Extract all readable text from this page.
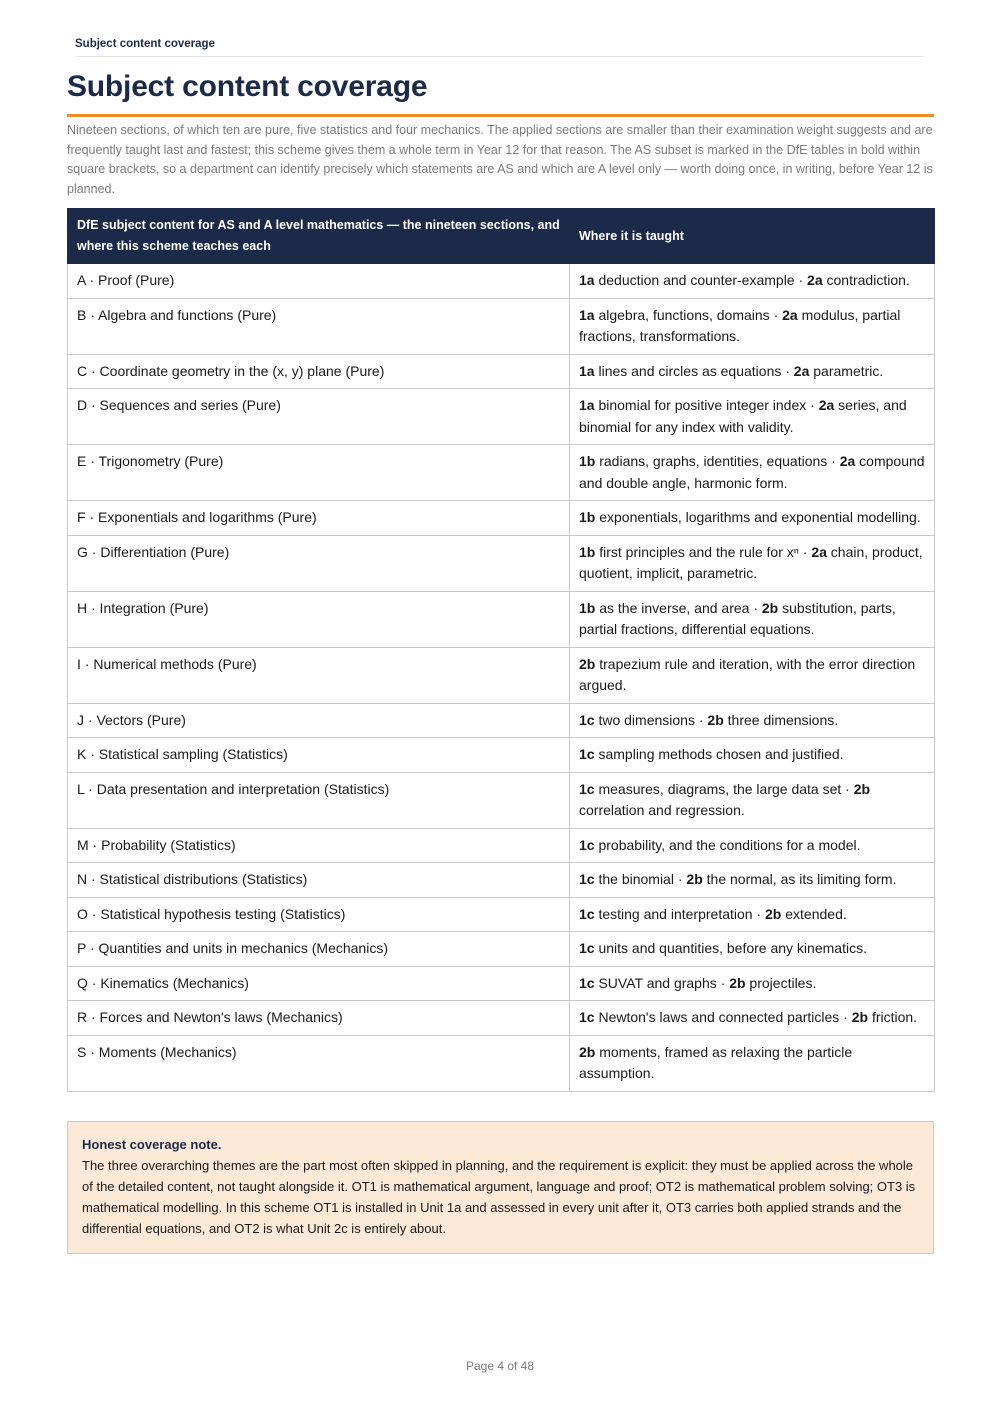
Subject content coverage
Subject content coverage

Nineteen sections, of which ten are pure, five statistics and four mechanics. The applied sections are smaller than their examination weight suggests and are frequently taught last and fastest; this scheme gives them a whole term in Year 12 for that reason. The AS subset is marked in the DfE tables in bold within square brackets, so a department can identify precisely which statements are AS and which are A level only — worth doing once, in writing, before Year 12 is planned.

DfE subject content for AS and A level mathematics — the nineteen sections, and where this scheme teaches each	Where it is taught
A · Proof (Pure)	1a deduction and counter-example · 2a contradiction.
B · Algebra and functions (Pure)	1a algebra, functions, domains · 2a modulus, partial fractions, transformations.
C · Coordinate geometry in the (x, y) plane (Pure)	1a lines and circles as equations · 2a parametric.
D · Sequences and series (Pure)	1a binomial for positive integer index · 2a series, and binomial for any index with validity.
E · Trigonometry (Pure)	1b radians, graphs, identities, equations · 2a compound and double angle, harmonic form.
F · Exponentials and logarithms (Pure)	1b exponentials, logarithms and exponential modelling.
G · Differentiation (Pure)	1b first principles and the rule for xⁿ · 2a chain, product, quotient, implicit, parametric.
H · Integration (Pure)	1b as the inverse, and area · 2b substitution, parts, partial fractions, differential equations.
I · Numerical methods (Pure)	2b trapezium rule and iteration, with the error direction argued.
J · Vectors (Pure)	1c two dimensions · 2b three dimensions.
K · Statistical sampling (Statistics)	1c sampling methods chosen and justified.
L · Data presentation and interpretation (Statistics)	1c measures, diagrams, the large data set · 2b correlation and regression.
M · Probability (Statistics)	1c probability, and the conditions for a model.
N · Statistical distributions (Statistics)	1c the binomial · 2b the normal, as its limiting form.
O · Statistical hypothesis testing (Statistics)	1c testing and interpretation · 2b extended.
P · Quantities and units in mechanics (Mechanics)	1c units and quantities, before any kinematics.
Q · Kinematics (Mechanics)	1c SUVAT and graphs · 2b projectiles.
R · Forces and Newton's laws (Mechanics)	1c Newton's laws and connected particles · 2b friction.
S · Moments (Mechanics)	2b moments, framed as relaxing the particle assumption.
Honest coverage note.
The three overarching themes are the part most often skipped in planning, and the requirement is explicit: they must be applied across the whole of the detailed content, not taught alongside it. OT1 is mathematical argument, language and proof; OT2 is mathematical problem solving; OT3 is mathematical modelling. In this scheme OT1 is installed in Unit 1a and assessed in every unit after it, OT3 carries both applied strands and the differential equations, and OT2 is what Unit 2c is entirely about.
Page 4 of 48
